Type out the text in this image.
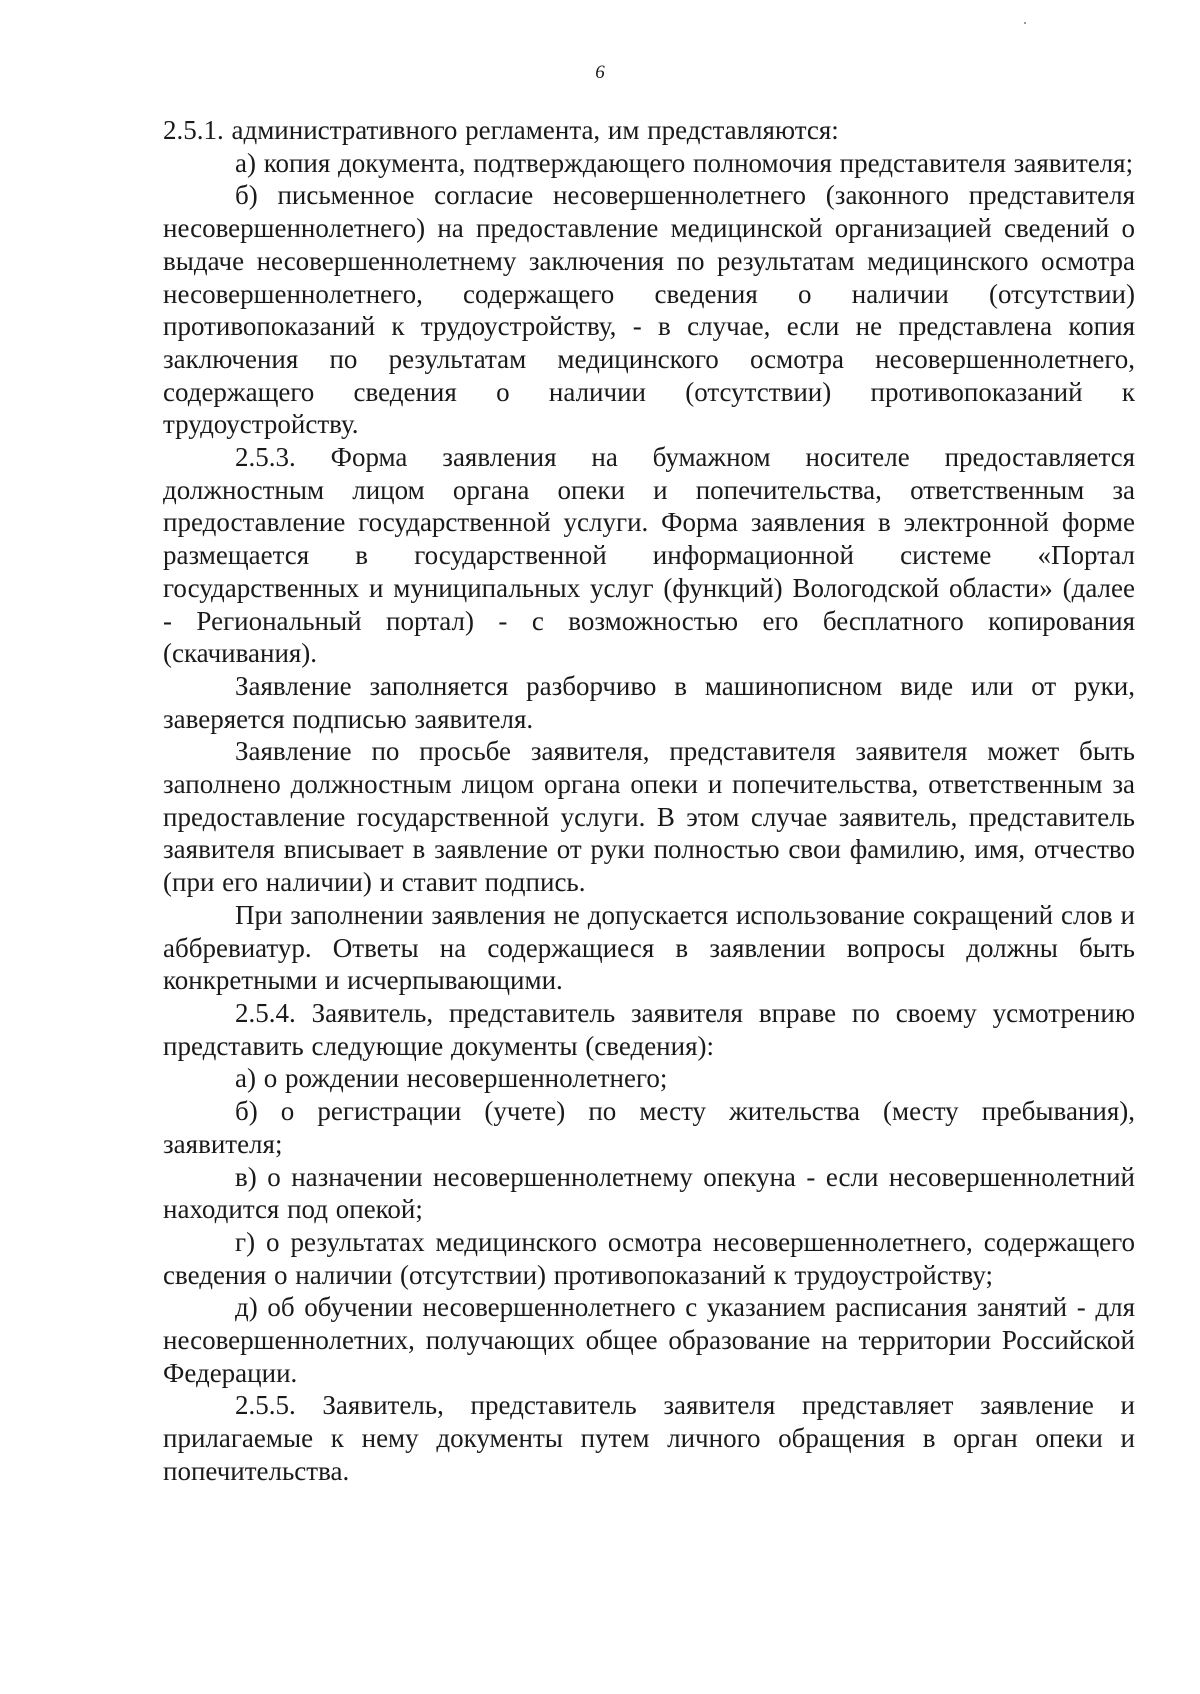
6

2.5.1. административного регламента, им представляются:

а) копия документа, подтверждающего полномочия представителя заявителя;

б) письменное согласие несовершеннолетнего (законного представителя несовершеннолетнего) на предоставление медицинской организацией сведений о выдаче несовершеннолетнему заключения по результатам медицинского осмотра несовершеннолетнего, содержащего сведения о наличии (отсутствии) противопоказаний к трудоустройству, - в случае, если не представлена копия заключения по результатам медицинского осмотра несовершеннолетнего, содержащего сведения о наличии (отсутствии) противопоказаний к трудоустройству.

2.5.3. Форма заявления на бумажном носителе предоставляется должностным лицом органа опеки и попечительства, ответственным за предоставление государственной услуги. Форма заявления в электронной форме размещается в государственной информационной системе «Портал государственных и муниципальных услуг (функций) Вологодской области» (далее - Региональный портал) - с возможностью его бесплатного копирования (скачивания).

Заявление заполняется разборчиво в машинописном виде или от руки, заверяется подписью заявителя.

Заявление по просьбе заявителя, представителя заявителя может быть заполнено должностным лицом органа опеки и попечительства, ответственным за предоставление государственной услуги. В этом случае заявитель, представитель заявителя вписывает в заявление от руки полностью свои фамилию, имя, отчество (при его наличии) и ставит подпись.

При заполнении заявления не допускается использование сокращений слов и аббревиатур. Ответы на содержащиеся в заявлении вопросы должны быть конкретными и исчерпывающими.

2.5.4. Заявитель, представитель заявителя вправе по своему усмотрению представить следующие документы (сведения):

а) о рождении несовершеннолетнего;

б) о регистрации (учете) по месту жительства (месту пребывания), заявителя;

в) о назначении несовершеннолетнему опекуна - если несовершеннолетний находится под опекой;

г) о результатах медицинского осмотра несовершеннолетнего, содержащего сведения о наличии (отсутствии) противопоказаний к трудоустройству;

д) об обучении несовершеннолетнего с указанием расписания занятий - для несовершеннолетних, получающих общее образование на территории Российской Федерации.

2.5.5. Заявитель, представитель заявителя представляет заявление и прилагаемые к нему документы путем личного обращения в орган опеки и попечительства.
